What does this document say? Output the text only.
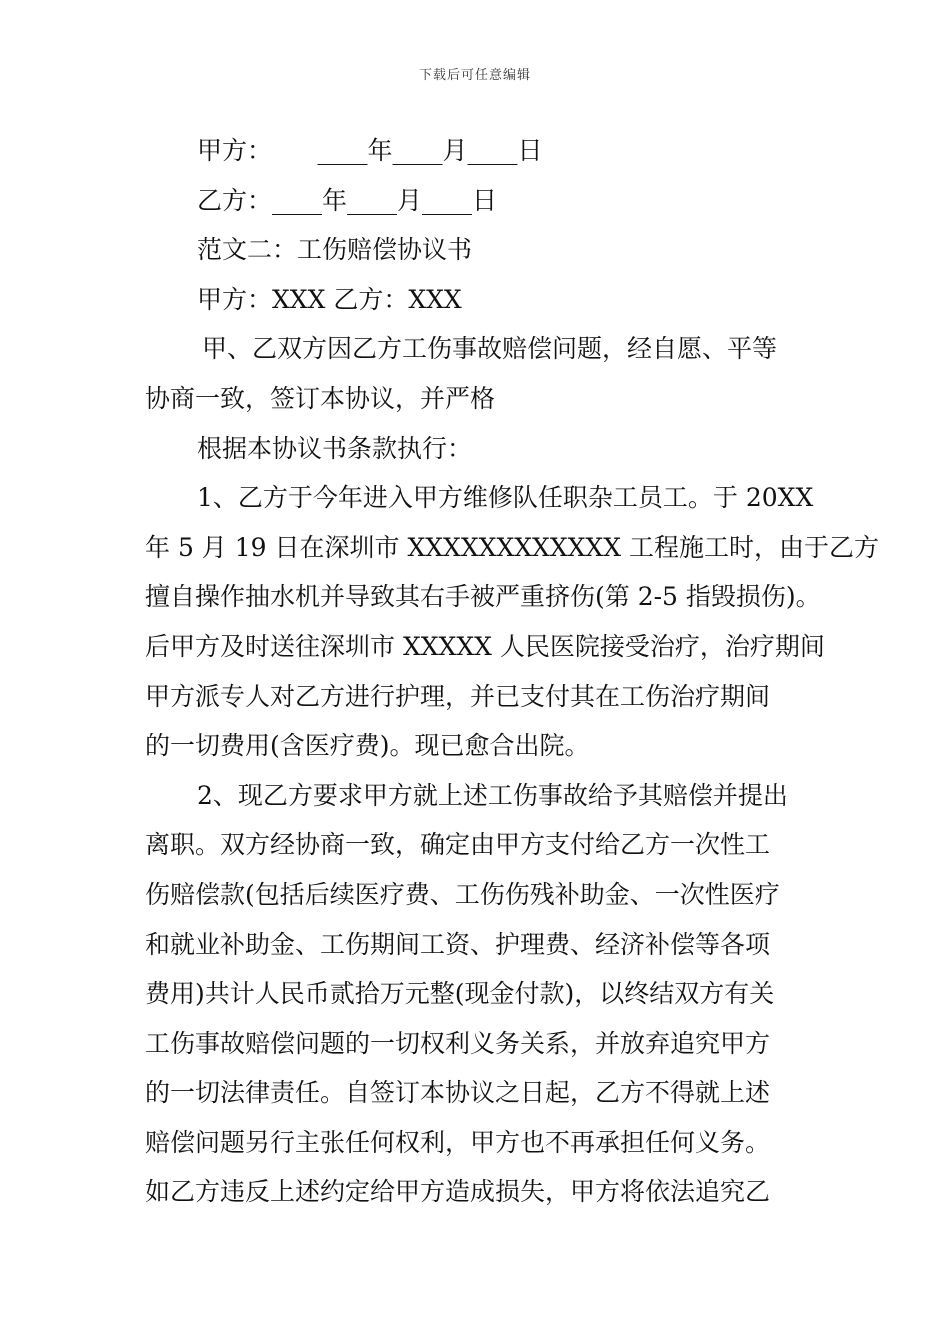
下载后可任意编辑
甲方：　　 ____年____月____日
乙方：____年____月____日
范文二：工伤赔偿协议书
甲方：XXX 乙方：XXX
甲、乙双方因乙方工伤事故赔偿问题，经自愿、平等
协商一致，签订本协议，并严格
根据本协议书条款执行：
1、乙方于今年进入甲方维修队任职杂工员工。于 20XX
年 5 月 19 日在深圳市 XXXXXXXXXXXX 工程施工时，由于乙方
擅自操作抽水机并导致其右手被严重挤伤(第 2-5 指毁损伤)。
后甲方及时送往深圳市 XXXXX 人民医院接受治疗，治疗期间
甲方派专人对乙方进行护理，并已支付其在工伤治疗期间
的一切费用(含医疗费)。现已愈合出院。
2、现乙方要求甲方就上述工伤事故给予其赔偿并提出
离职。双方经协商一致，确定由甲方支付给乙方一次性工
伤赔偿款(包括后续医疗费、工伤伤残补助金、一次性医疗
和就业补助金、工伤期间工资、护理费、经济补偿等各项
费用)共计人民币贰拾万元整(现金付款)，以终结双方有关
工伤事故赔偿问题的一切权利义务关系，并放弃追究甲方
的一切法律责任。自签订本协议之日起，乙方不得就上述
赔偿问题另行主张任何权利，甲方也不再承担任何义务。
如乙方违反上述约定给甲方造成损失，甲方将依法追究乙
